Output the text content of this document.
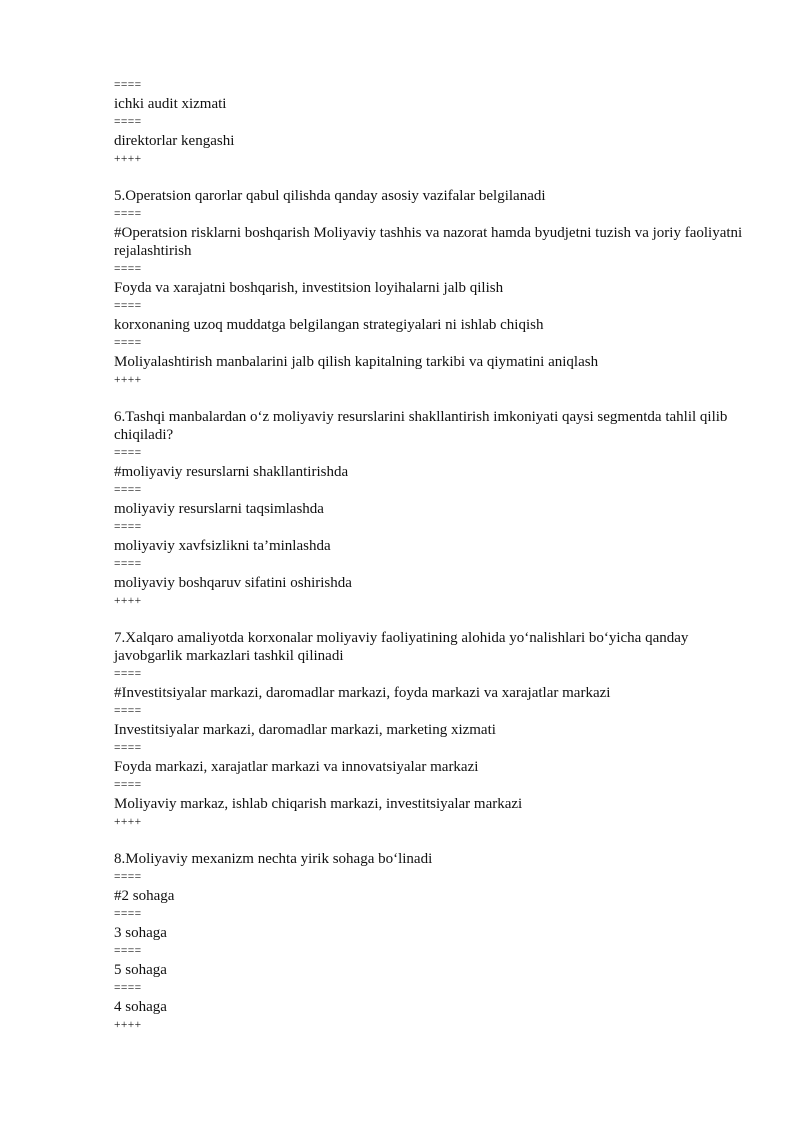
====
ichki audit xizmati
====
direktorlar kengashi
++++
5.Operatsion qarorlar qabul qilishda qanday asosiy vazifalar belgilanadi
====
#Operatsion risklarni boshqarish Moliyaviy tashhis va nazorat hamda byudjetni tuzish va joriy faoliyatni rejalashtirish
====
Foyda va xarajatni boshqarish, investitsion loyihalarni jalb qilish
====
korxonaning uzoq muddatga belgilangan strategiyalari ni ishlab chiqish
====
Moliyalashtirish manbalarini jalb qilish kapitalning tarkibi va qiymatini aniqlash
++++
6.Tashqi manbalardan o‘z moliyaviy resurslarini shakllantirish imkoniyati qaysi segmentda tahlil qilib chiqiladi?
====
#moliyaviy resurslarni shakllantirishda
====
moliyaviy resurslarni taqsimlashda
====
moliyaviy xavfsizlikni ta’minlashda
====
moliyaviy boshqaruv sifatini oshirishda
++++
7.Xalqaro amaliyotda korxonalar moliyaviy faoliyatining alohida yo‘nalishlari bo‘yicha qanday javobgarlik markazlari tashkil qilinadi
====
#Investitsiyalar markazi, daromadlar markazi, foyda markazi va xarajatlar markazi
====
Investitsiyalar markazi, daromadlar markazi, marketing xizmati
====
Foyda markazi, xarajatlar markazi va innovatsiyalar markazi
====
Moliyaviy markaz, ishlab chiqarish markazi, investitsiyalar markazi
++++
8.Moliyaviy mexanizm nechta yirik sohaga bo‘linadi
====
#2 sohaga
====
3 sohaga
====
5 sohaga
====
4 sohaga
++++
